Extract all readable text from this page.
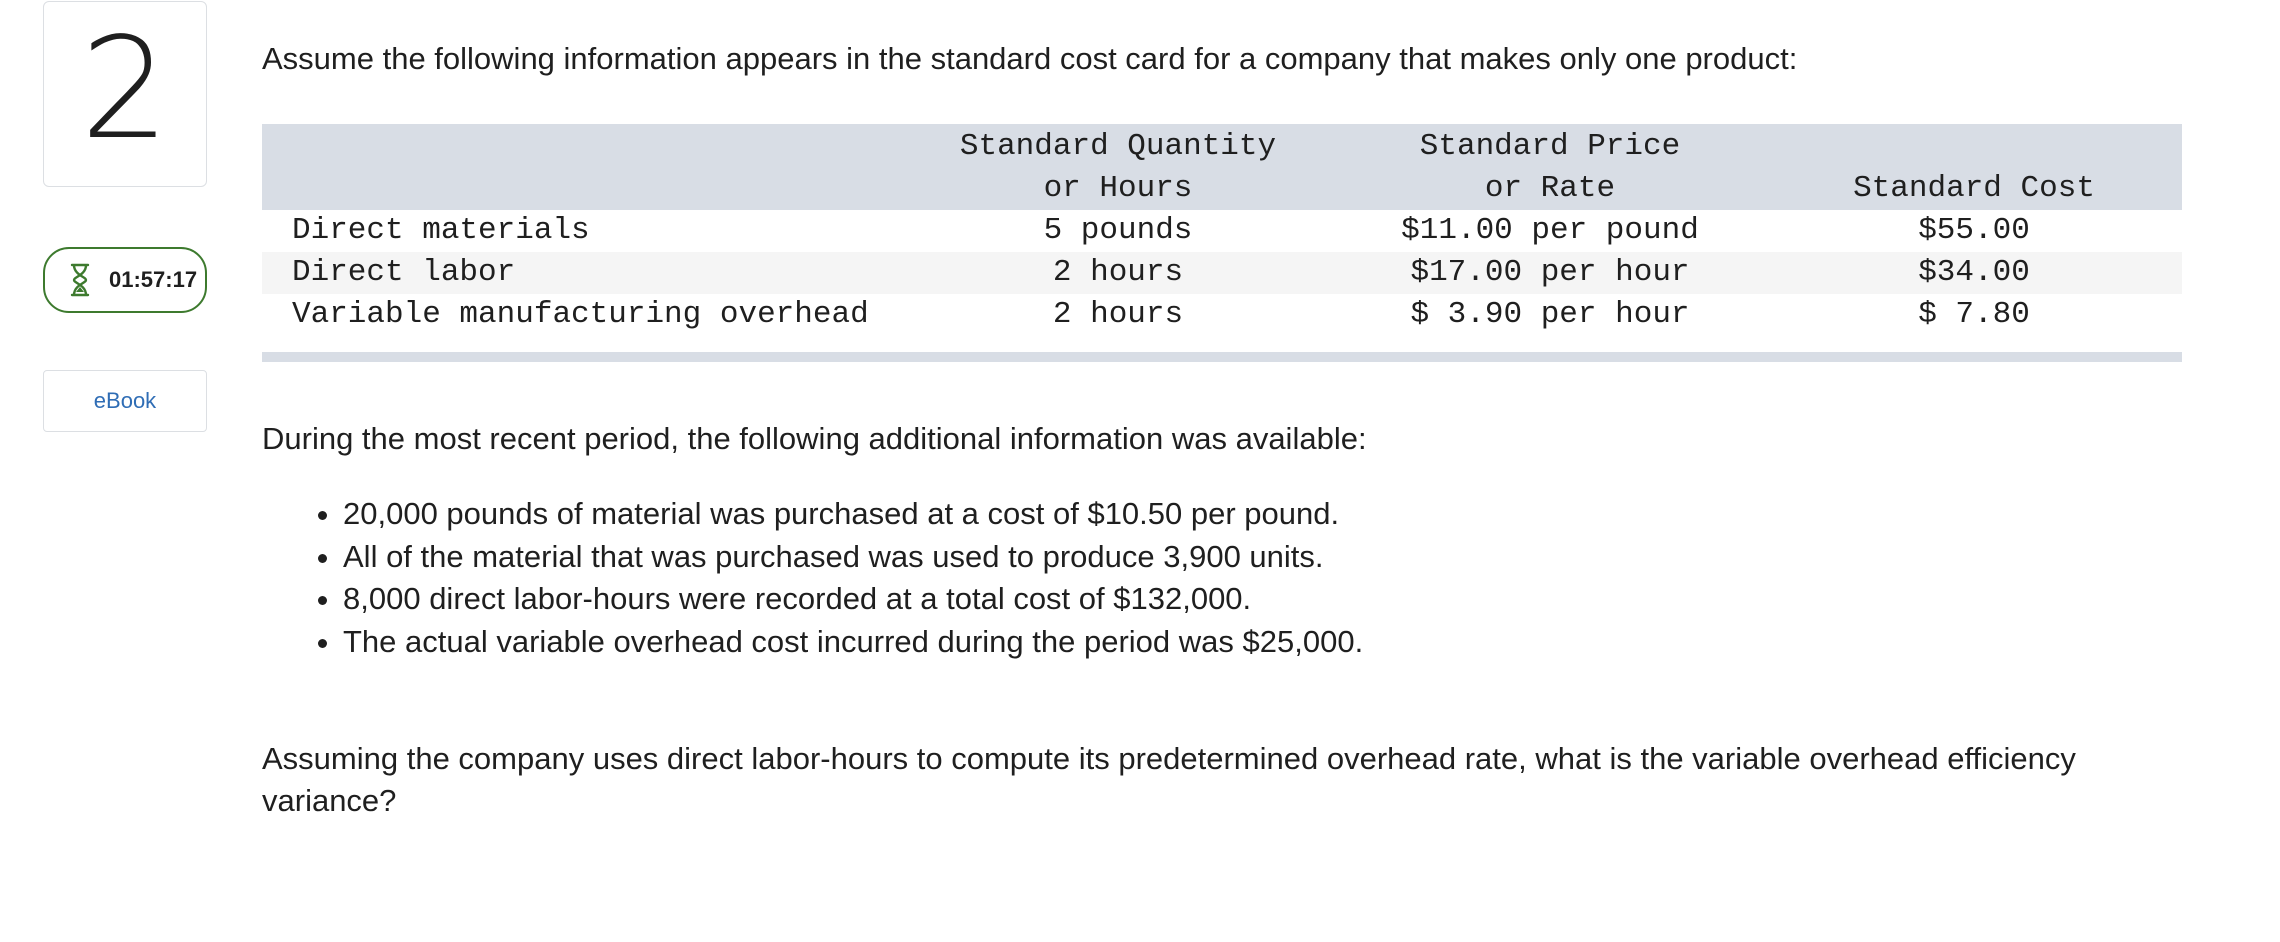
2
01:57:17
eBook
Assume the following information appears in the standard cost card for a company that makes only one product:
	Standard Quantity	Standard Price	
	or Hours	or Rate	Standard Cost
Direct materials	5 pounds	$11.00 per pound	$55.00
Direct labor	2 hours	$17.00 per hour	$34.00
Variable manufacturing overhead	2 hours	$ 3.90 per hour	$ 7.80
During the most recent period, the following additional information was available:
• 20,000 pounds of material was purchased at a cost of $10.50 per pound.
• All of the material that was purchased was used to produce 3,900 units.
• 8,000 direct labor-hours were recorded at a total cost of $132,000.
• The actual variable overhead cost incurred during the period was $25,000.
Assuming the company uses direct labor-hours to compute its predetermined overhead rate, what is the variable overhead efficiency variance?
